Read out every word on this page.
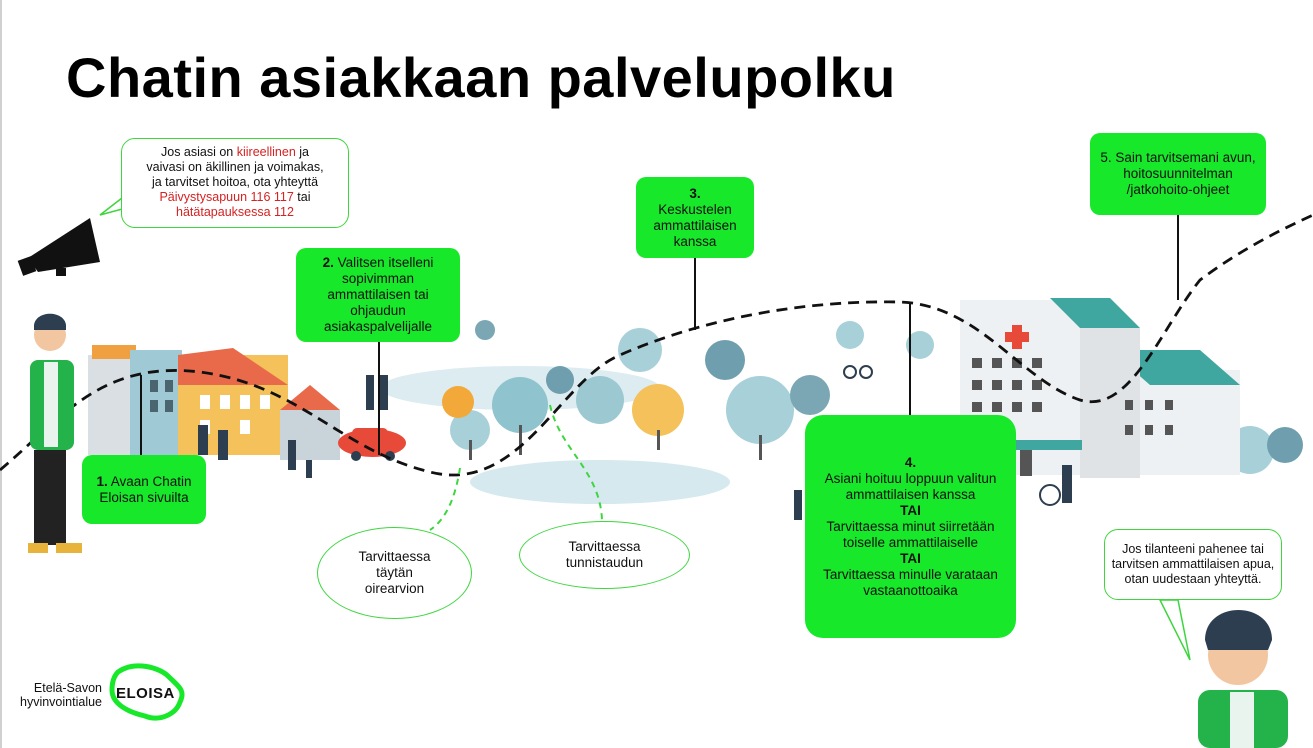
Chatin asiakkaan palvelupolku
Jos asiasi on kiireellinen ja
vaivasi on äkillinen ja voimakas,
ja tarvitset hoitoa, ota yhteyttä
Päivystysapuun 116 117 tai
hätätapauksessa 112
1. Avaan Chatin Eloisan sivuilta
2. Valitsen itselleni
sopivimman ammattilaisen tai ohjaudun asiakaspalvelijalle
3.
Keskustelen ammattilaisen kanssa
4.
Asiani hoituu loppuun valitun ammattilaisen kanssa
TAI
Tarvittaessa minut siirretään toiselle ammattilaiselle
TAI
Tarvittaessa minulle varataan vastaanottoaika
5. Sain tarvitsemani avun, hoitosuunnitelman /jatkohoito-ohjeet
Tarvittaessa täytän oirearvion
Tarvittaessa tunnistaudun
Jos tilanteeni pahenee tai tarvitsen ammattilaisen apua, otan uudestaan yhteyttä.
Etelä-Savon
hyvinvointialue ELOISA
